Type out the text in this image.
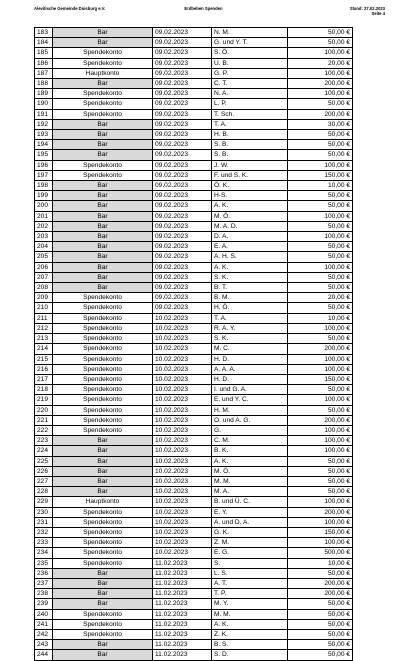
Alevitische Gemeinde Duisburg e.V.	Erdbeben Spenden	Stand: 27.02.2023
Seite 4
183	Bar	09.02.2023	N. M.	50,00 €
184	Bar	09.02.2023	G. und Y. T.	50,00 €
185	Spendekonto	09.02.2023	S. Ö.	100,00 €
186	Spendekonto	09.02.2023	U. B.	20,00 €
187	Hauptkonto	09.02.2023	G. P.	100,00 €
188	Bar	09.02.2023	C. T.	200,00 €
189	Spendekonto	09.02.2023	N. A.	100,00 €
190	Spendekonto	09.02.2023	L. P.	50,00 €
191	Spendekonto	09.02.2023	T. Sch.	200,00 €
192	Bar	09.02.2023	T. A.	30,00 €
193	Bar	09.02.2023	H. B.	50,00 €
194	Bar	09.02.2023	S. B.	50,00 €
195	Bar	09.02.2023	S. B.	50,00 €
196	Spendekonto	09.02.2023	J. W.	100,00 €
197	Spendekonto	09.02.2023	F. und S. K.	150,00 €
198	Bar	09.02.2023	Ö. K.	10,00 €
199	Bar	09.02.2023	H-S.	50,00 €
200	Bar	09.02.2023	A. K.	50,00 €
201	Bar	09.02.2023	M. Ö.	100,00 €
202	Bar	09.02.2023	M. A. D.	50,00 €
203	Bar	09.02.2023	D. A.	100,00 €
204	Bar	09.02.2023	E. A.	50,00 €
205	Bar	09.02.2023	A. H. S.	50,00 €
206	Bar	09.02.2023	A. K.	100,00 €
207	Bar	09.02.2023	S. K.	50,00 €
208	Bar	09.02.2023	B. T.	50,00 €
209	Spendekonto	09.02.2023	B. M.	20,00 €
210	Spendekonto	09.02.2023	H. Ö.	50,00 €
211	Spendekonto	10.02.2023	T. A.	10,00 €
212	Spendekonto	10.02.2023	R. A. Y.	100,00 €
213	Spendekonto	10.02.2023	S. K.	50,00 €
214	Spendekonto	10.02.2023	M. C.	200,00 €
215	Spendekonto	10.02.2023	H. D.	100,00 €
216	Spendekonto	10.02.2023	A. A. A.	100,00 €
217	Spendekonto	10.02.2023	H. D.	150,00 €
218	Spendekonto	10.02.2023	I. und G. A.	50,00 €
219	Spendekonto	10.02.2023	E. und Y. C.	100,00 €
220	Spendekonto	10.02.2023	H. M.	50,00 €
221	Spendekonto	10.02.2023	O. und A. G.	200,00 €
222	Spendekonto	10.02.2023	G.	100,00 €
223	Bar	10.02.2023	C. M.	100,00 €
224	Bar	10.02.2023	B. K.	100,00 €
225	Bar	10.02.2023	A. K.	50,00 €
226	Bar	10.02.2023	M. Ö.	50,00 €
227	Bar	10.02.2023	M. M.	50,00 €
228	Bar	10.02.2023	M. A.	50,00 €
229	Hauptkonto	10.02.2023	B. und Ü. C.	100,00 €
230	Spendekonto	10.02.2023	E. Y.	200,00 €
231	Spendekonto	10.02.2023	A. und D. A.	100,00 €
232	Spendekonto	10.02.2023	G. K.	150,00 €
233	Spendekonto	10.02.2023	Z. M.	100,00 €
234	Spendekonto	10.02.2023	E. G.	500,00 €
235	Spendekonto	11.02.2023	S.	10,00 €
236	Bar	11.02.2023	L. S.	50,00 €
237	Bar	11.02.2023	A. T.	200,00 €
238	Bar	11.02.2023	T. P.	200,00 €
239	Bar	11.02.2023	M. Y.	50,00 €
240	Spendekonto	11.02.2023	M. M.	50,00 €
241	Spendekonto	11.02.2023	A. K.	50,00 €
242	Spendekonto	11.02.2023	Z. K.	50,00 €
243	Bar	11.02.2023	B. S.	50,00 €
244	Bar	11.02.2023	S. D.	50,00 €
